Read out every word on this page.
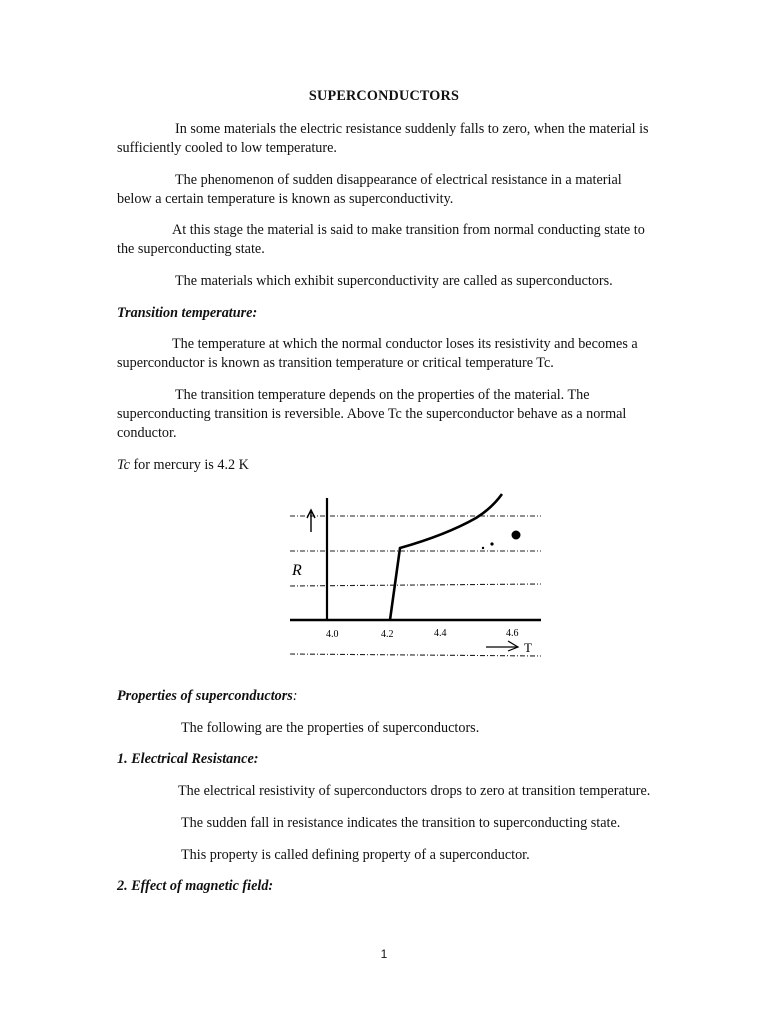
SUPERCONDUCTORS

In some materials the electric resistance suddenly falls to zero, when the material is

sufficiently cooled to low temperature.

The phenomenon of sudden disappearance of electrical resistance in a material

below a certain temperature is known as superconductivity.

At this stage the material is said to make transition from normal conducting state to

the superconducting state.

The materials which exhibit superconductivity are called as superconductors.

Transition temperature:

The temperature at which the normal conductor loses its resistivity and becomes a

superconductor is known as transition temperature or critical temperature Tc.

The transition temperature depends on the properties of the material. The

superconducting transition is reversible. Above Tc the superconductor behave as a normal

conductor.

Tc for mercury is 4.2 K

R
4.0	4.2	4.4	4.6
T

Properties of superconductors:

The following are the properties of superconductors.

1. Electrical Resistance:

The electrical resistivity of superconductors drops to zero at transition temperature.

The sudden fall in resistance indicates the transition to superconducting state.

This property is called defining property of a superconductor.

2. Effect of magnetic field:

1
